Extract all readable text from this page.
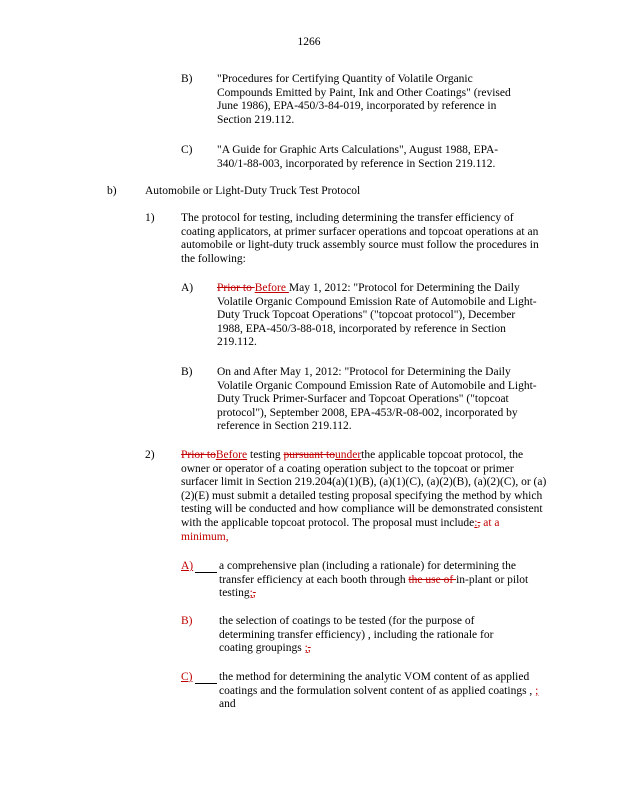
1266
B) "Procedures for Certifying Quantity of Volatile Organic Compounds Emitted by Paint, Ink and Other Coatings" (revised June 1986), EPA-450/3-84-019, incorporated by reference in Section 219.112.
C) "A Guide for Graphic Arts Calculations", August 1988, EPA-340/1-88-003, incorporated by reference in Section 219.112.
b) Automobile or Light-Duty Truck Test Protocol
1) The protocol for testing, including determining the transfer efficiency of coating applicators, at primer surfacer operations and topcoat operations at an automobile or light-duty truck assembly source must follow the procedures in the following:
A) Prior to Before May 1, 2012: "Protocol for Determining the Daily Volatile Organic Compound Emission Rate of Automobile and Light-Duty Truck Topcoat Operations" ("topcoat protocol"), December 1988, EPA-450/3-88-018, incorporated by reference in Section 219.112.
B) On and After May 1, 2012: "Protocol for Determining the Daily Volatile Organic Compound Emission Rate of Automobile and Light-Duty Truck Primer-Surfacer and Topcoat Operations" ("topcoat protocol"), September 2008, EPA-453/R-08-002, incorporated by reference in Section 219.112.
2) Prior toBefore testing pursuant tounderthe applicable topcoat protocol, the owner or operator of a coating operation subject to the topcoat or primer surfacer limit in Section 219.204(a)(1)(B), (a)(1)(C), (a)(2)(B), (a)(2)(C), or (a)(2)(E) must submit a detailed testing proposal specifying the method by which testing will be conducted and how compliance will be demonstrated consistent with the applicable topcoat protocol. The proposal must include:, at a minimum,
A) a comprehensive plan (including a rationale) for determining the transfer efficiency at each booth through the use of in-plant or pilot testing;,
B) the selection of coatings to be tested (for the purpose of determining transfer efficiency) , including the rationale for coating groupings ;,
C) the method for determining the analytic VOM content of as applied coatings and the formulation solvent content of as applied coatings , ; and
